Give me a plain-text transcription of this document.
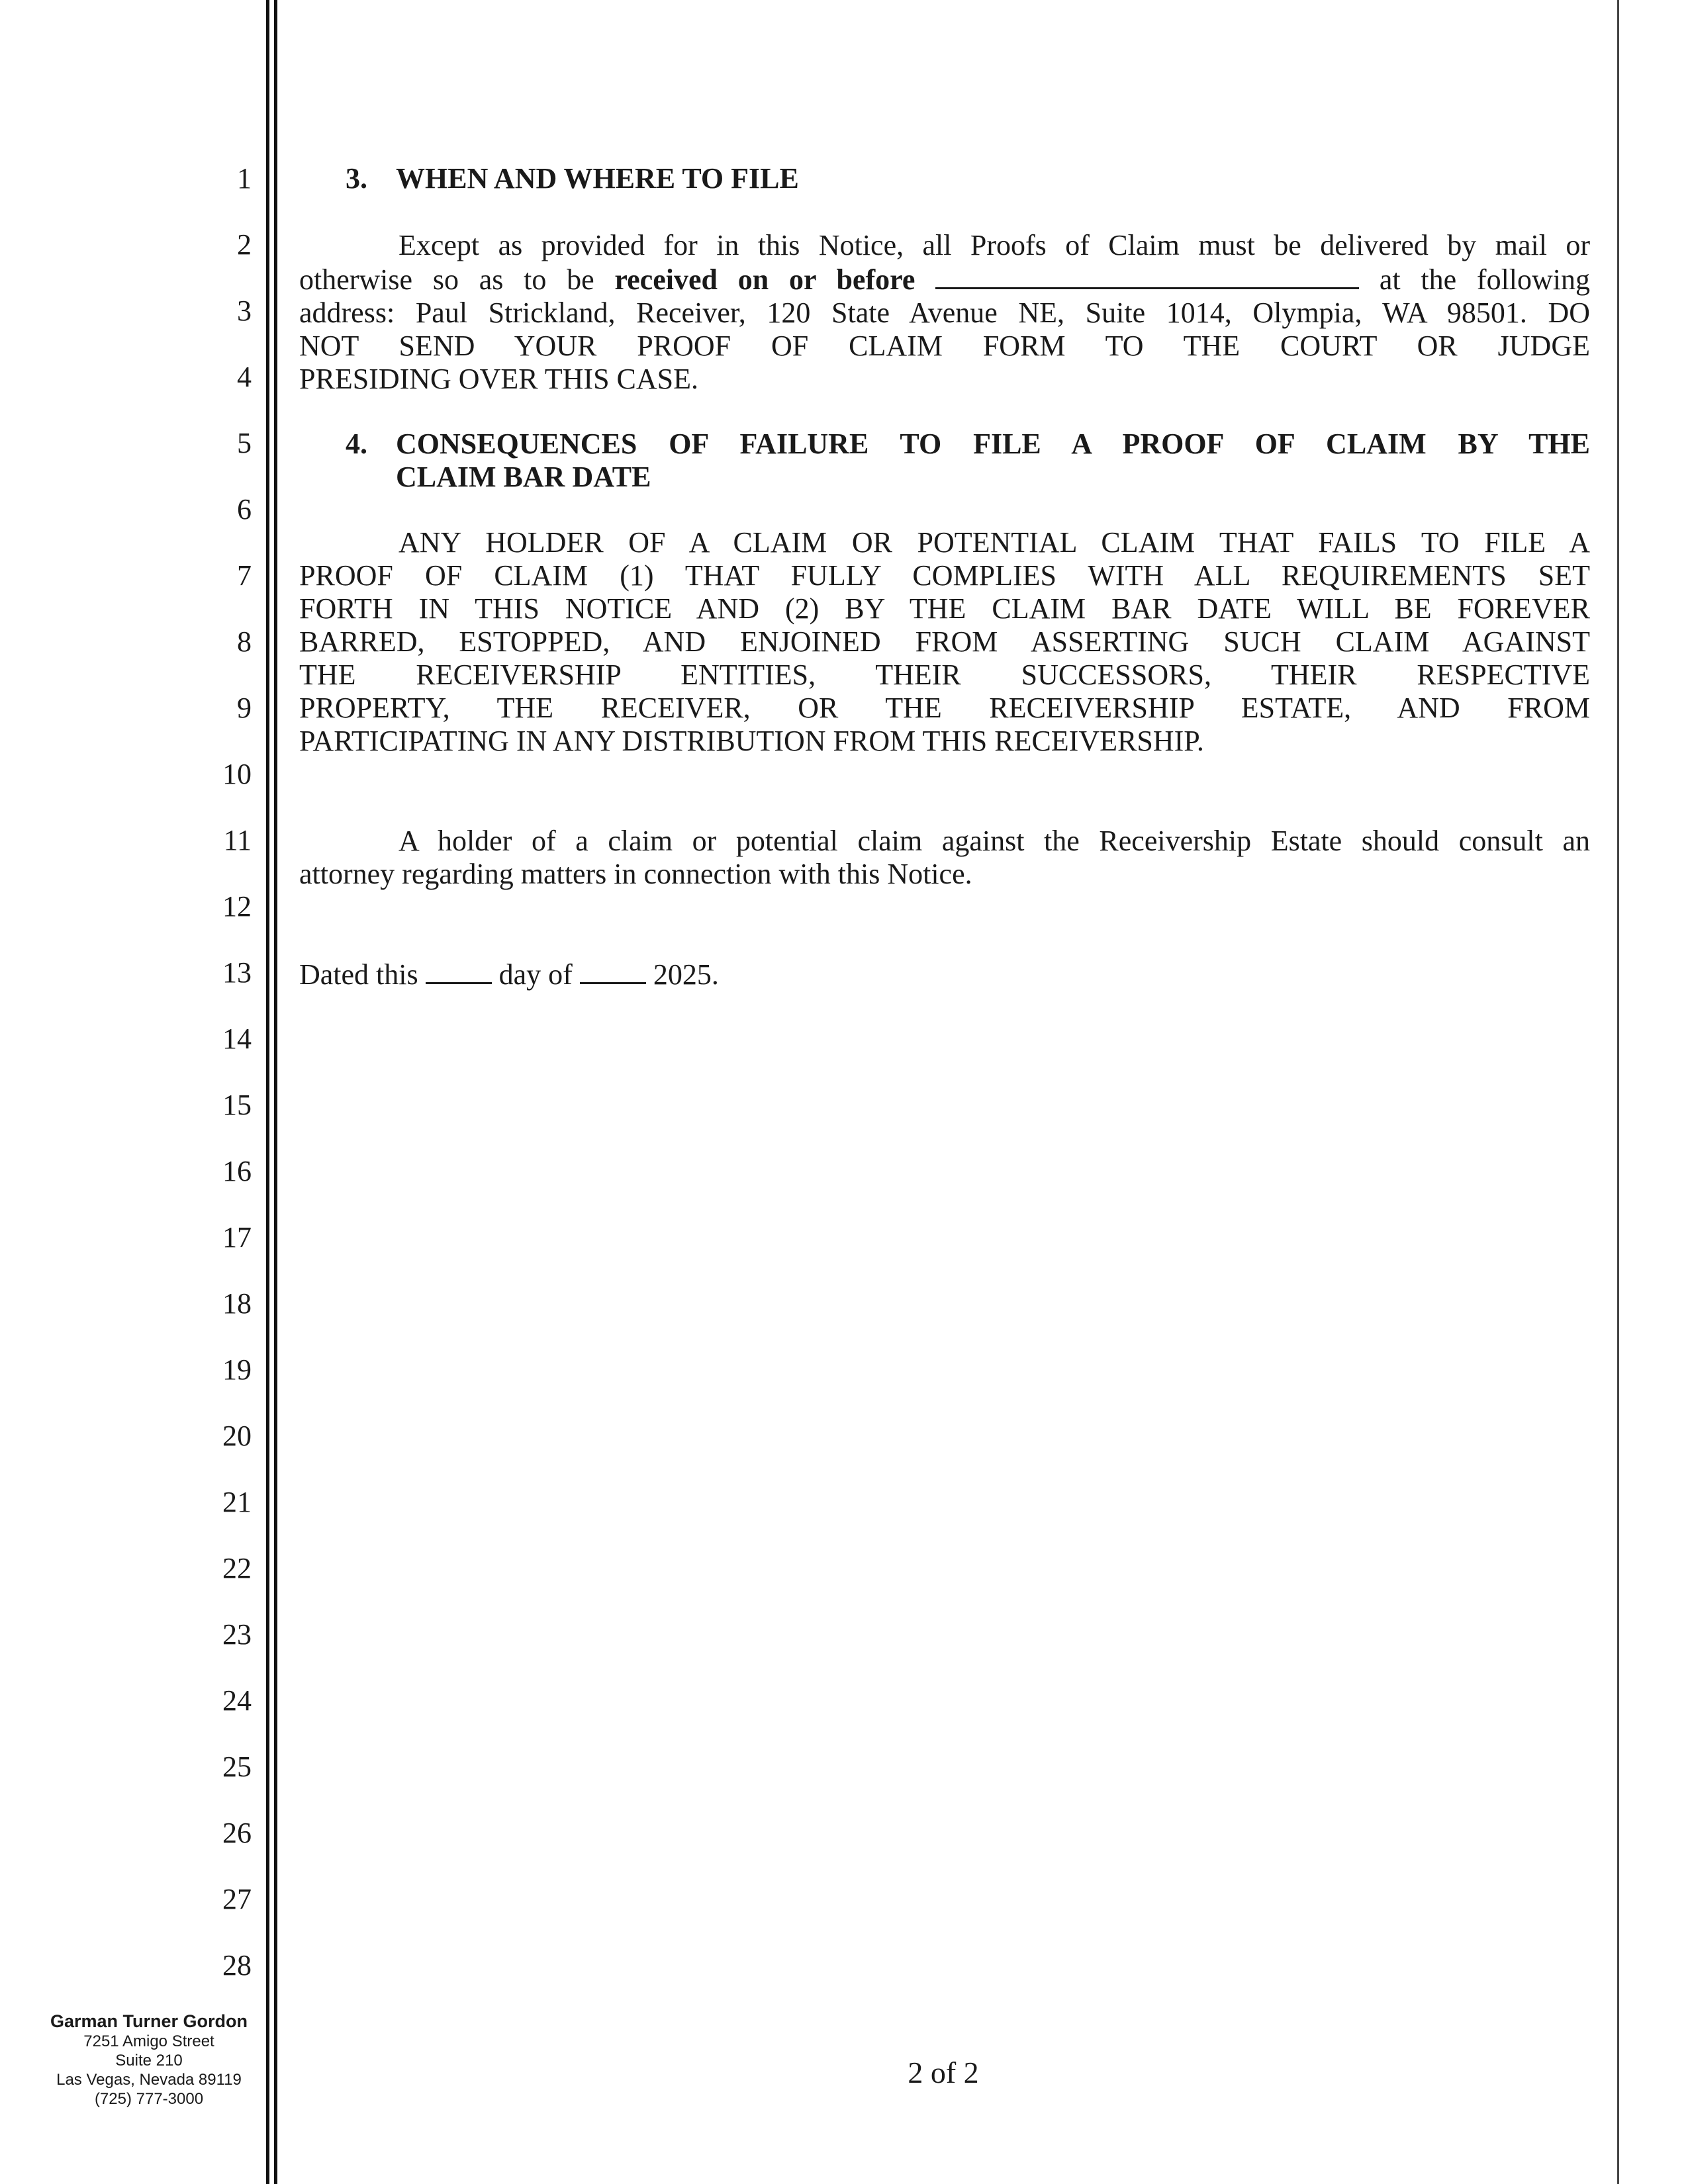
1
2
3
4
5
6
7
8
9
10
11
12
13
14
15
16
17
18
19
20
21
22
23
24
25
26
27
28
3. WHEN AND WHERE TO FILE
Except as provided for in this Notice, all Proofs of Claim must be delivered by mail or
otherwise so as to be received on or before	at the following
address: Paul Strickland, Receiver, 120 State Avenue NE, Suite 1014, Olympia, WA 98501. DO
NOT SEND YOUR PROOF OF CLAIM FORM TO THE COURT OR JUDGE
PRESIDING OVER THIS CASE.
4. CONSEQUENCES OF FAILURE TO FILE A PROOF OF CLAIM BY THE
CLAIM BAR DATE
ANY HOLDER OF A CLAIM OR POTENTIAL CLAIM THAT FAILS TO FILE A
PROOF OF CLAIM (1) THAT FULLY COMPLIES WITH ALL REQUIREMENTS SET
FORTH IN THIS NOTICE AND (2) BY THE CLAIM BAR DATE WILL BE FOREVER
BARRED, ESTOPPED, AND ENJOINED FROM ASSERTING SUCH CLAIM AGAINST
THE RECEIVERSHIP ENTITIES, THEIR SUCCESSORS, THEIR RESPECTIVE
PROPERTY, THE RECEIVER, OR THE RECEIVERSHIP ESTATE, AND FROM
PARTICIPATING IN ANY DISTRIBUTION FROM THIS RECEIVERSHIP.
A holder of a claim or potential claim against the Receivership Estate should consult an
attorney regarding matters in connection with this Notice.
Dated this	day of	2025.
Garman Turner Gordon
7251 Amigo Street
Suite 210
Las Vegas, Nevada 89119
(725) 777-3000
2 of 2
